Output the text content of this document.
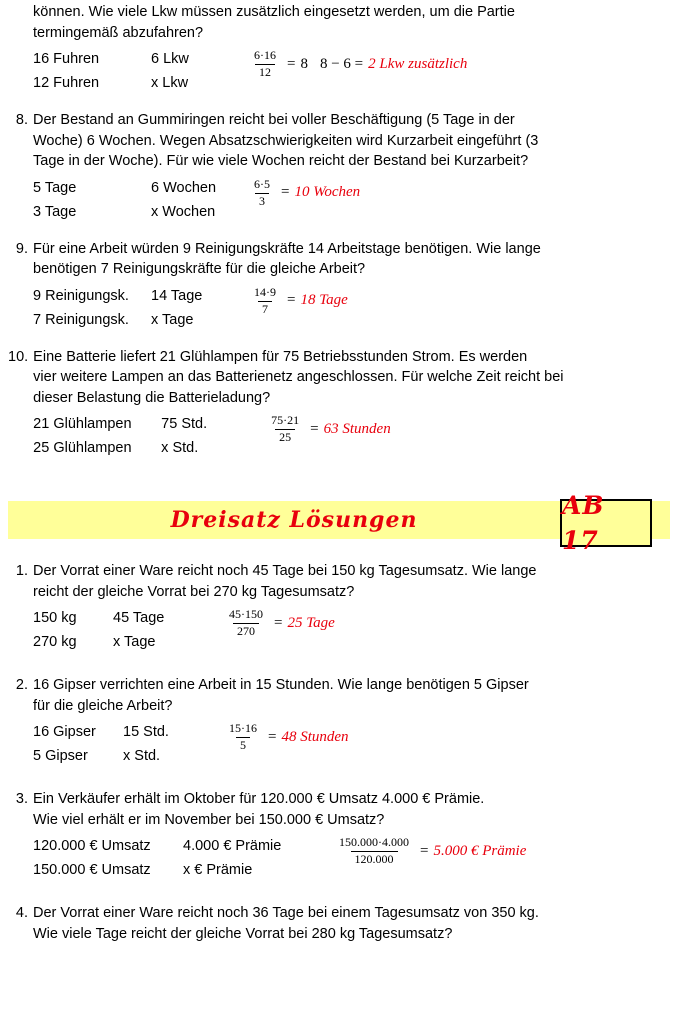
können. Wie viele Lkw müssen zusätzlich eingesetzt werden, um die Partie
termingemäß abzufahren?
16 Fuhren	6 Lkw
12 Fuhren	x Lkw
$\frac{6\cdot 16}{12} = 8$ 8 − 6 = 2 Lkw zusätzlich
8. Der Bestand an Gummiringen reicht bei voller Beschäftigung (5 Tage in der
Woche) 6 Wochen. Wegen Absatzschwierigkeiten wird Kurzarbeit eingeführt (3
Tage in der Woche). Für wie viele Wochen reicht der Bestand bei Kurzarbeit?
5 Tage	6 Wochen
3 Tage	x Wochen
$\frac{6\cdot 5}{3} = 10$ Wochen
9. Für eine Arbeit würden 9 Reinigungskräfte 14 Arbeitstage benötigen. Wie lange
benötigen 7 Reinigungskräfte für die gleiche Arbeit?
9 Reinigungsk.	14 Tage
7 Reinigungsk.	x Tage
$\frac{14\cdot 9}{7} = 18$ Tage
10. Eine Batterie liefert 21 Glühlampen für 75 Betriebsstunden Strom. Es werden
vier weitere Lampen an das Batterienetz angeschlossen. Für welche Zeit reicht bei
dieser Belastung die Batterieladung?
21 Glühlampen	75 Std.
25 Glühlampen	x Std.
$\frac{75\cdot 21}{25} = 63$ Stunden
Dreisatz Lösungen
AB 17
1. Der Vorrat einer Ware reicht noch 45 Tage bei 150 kg Tagesumsatz. Wie lange
reicht der gleiche Vorrat bei 270 kg Tagesumsatz?
150 kg	45 Tage
270 kg	x Tage
$\frac{45\cdot 150}{270} = 25$ Tage
2. 16 Gipser verrichten eine Arbeit in 15 Stunden. Wie lange benötigen 5 Gipser
für die gleiche Arbeit?
16 Gipser	15 Std.
5 Gipser	x Std.
$\frac{15\cdot 16}{5} = 48$ Stunden
3. Ein Verkäufer erhält im Oktober für 120.000 € Umsatz 4.000 € Prämie.
Wie viel erhält er im November bei 150.000 € Umsatz?
120.000 € Umsatz	4.000 € Prämie
150.000 € Umsatz	x € Prämie
$\frac{150.000\cdot 4.000}{120.000} = 5.000$ € Prämie
4. Der Vorrat einer Ware reicht noch 36 Tage bei einem Tagesumsatz von 350 kg.
Wie viele Tage reicht der gleiche Vorrat bei 280 kg Tagesumsatz?
